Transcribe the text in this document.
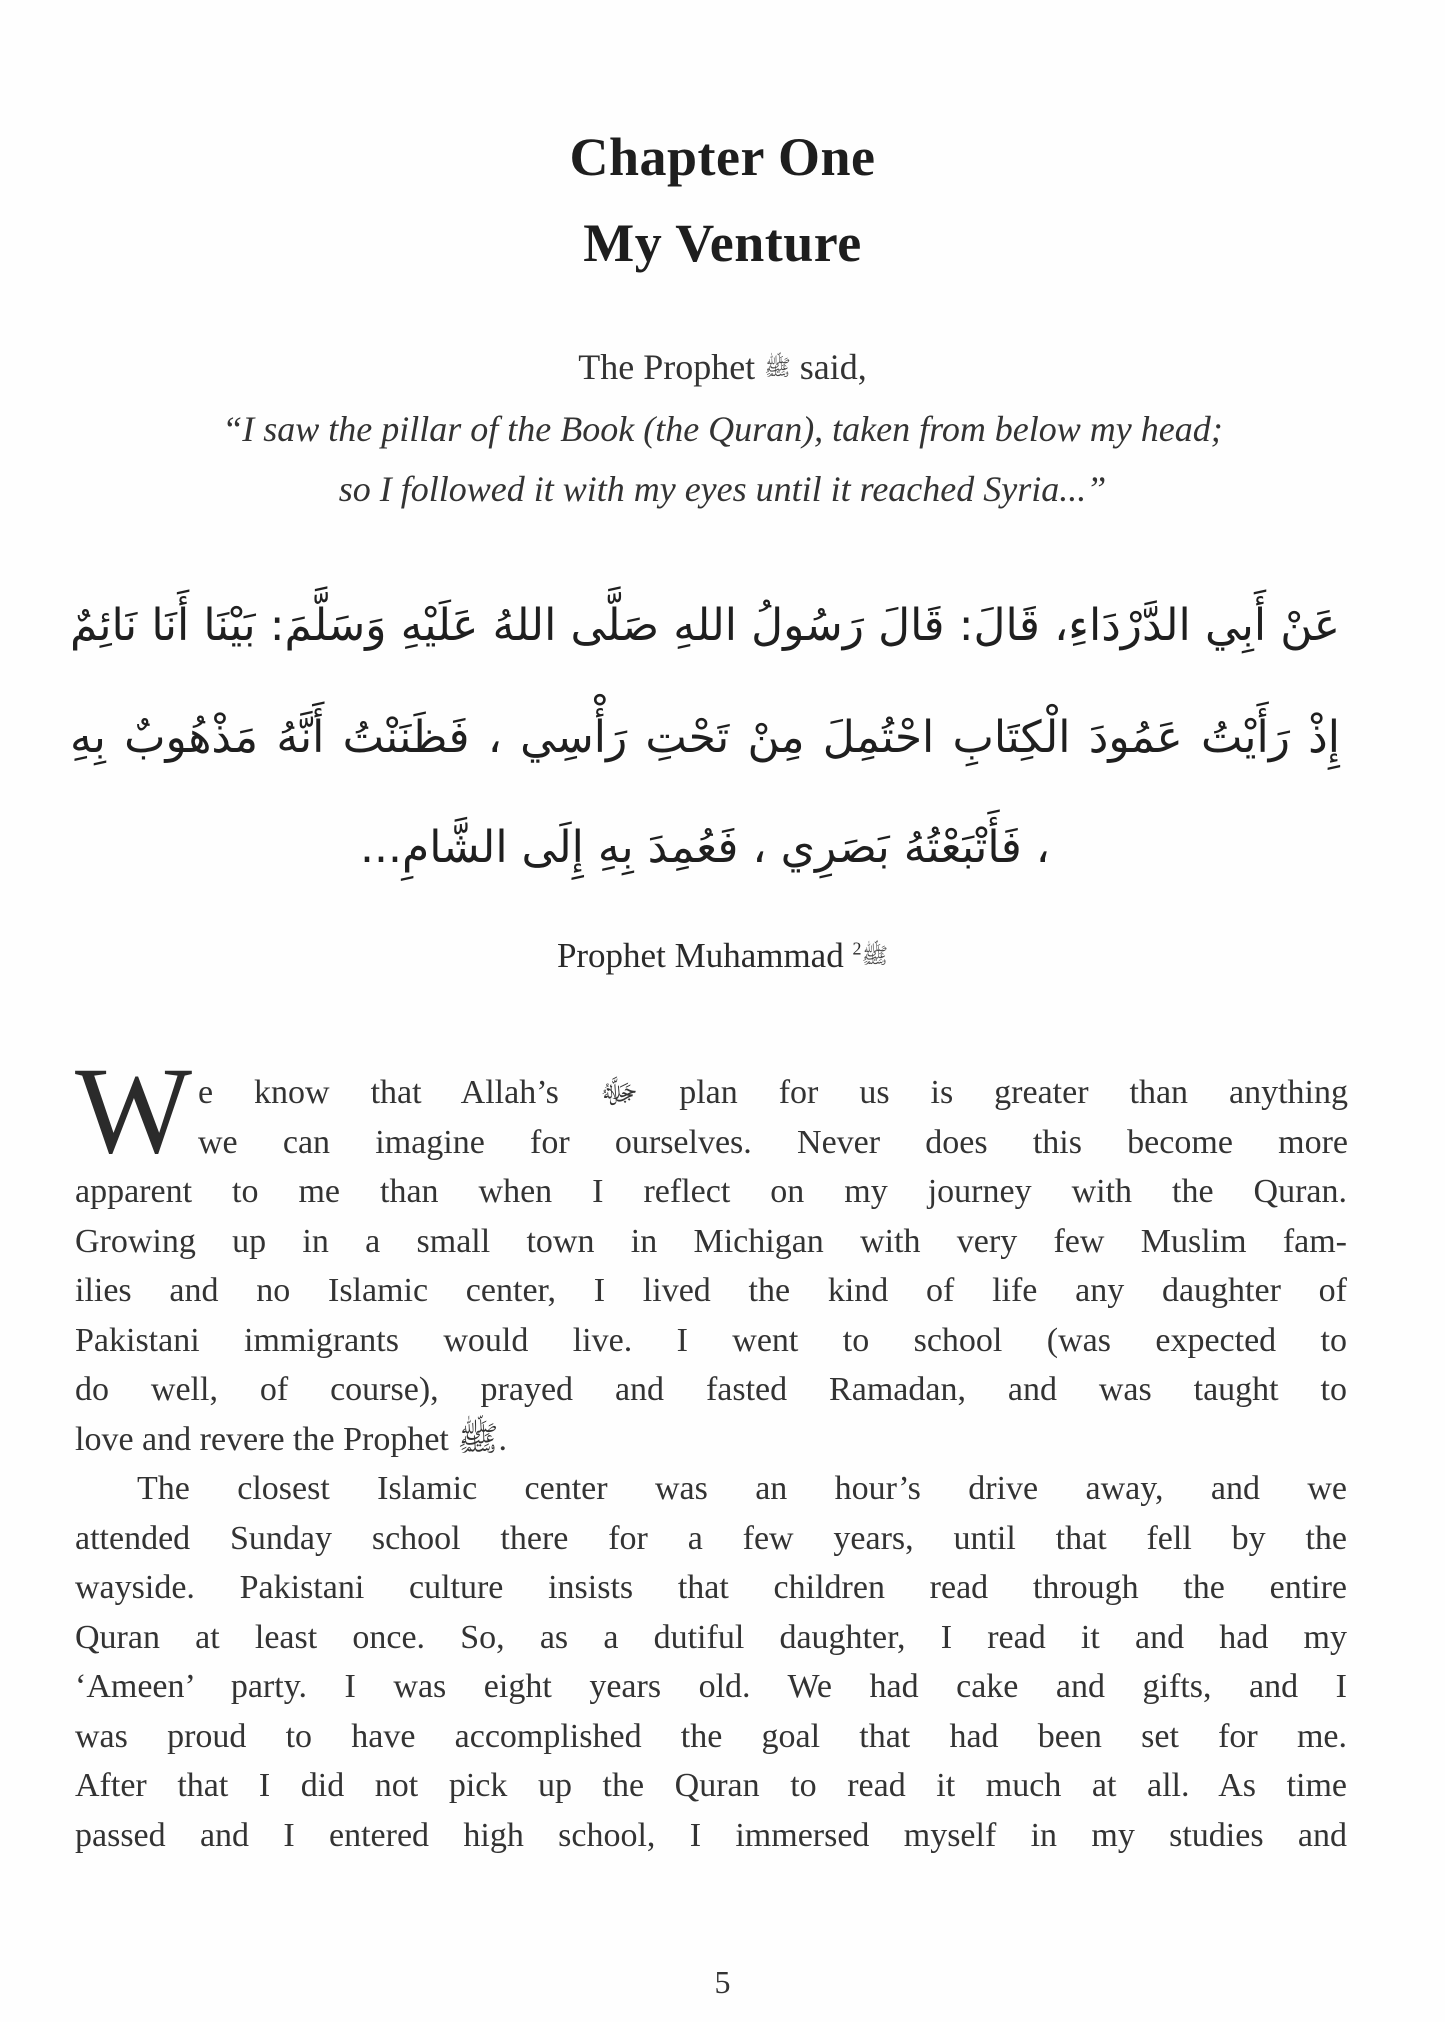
Chapter One
My Venture
The Prophet ﷺ said,
“I saw the pillar of the Book (the Quran), taken from below my head;
so I followed it with my eyes until it reached Syria...”
عَنْ أَبِي الدَّرْدَاءِ، قَالَ: قَالَ رَسُولُ اللهِ صَلَّى اللهُ عَلَيْهِ وَسَلَّمَ: بَيْنَا أَنَا نَائِمٌ
إِذْ رَأَيْتُ عَمُودَ الْكِتَابِ احْتُمِلَ مِنْ تَحْتِ رَأْسِي ، فَظَنَنْتُ أَنَّهُ مَذْهُوبٌ بِهِ
، فَأَتْبَعْتُهُ بَصَرِي ، فَعُمِدَ بِهِ إِلَى الشَّامِ...
Prophet Muhammad ﷺ$^2$
W e know that Allah’s ﷻ plan for us is greater than anything
we can imagine for ourselves. Never does this become more
apparent to me than when I reflect on my journey with the Quran.
Growing up in a small town in Michigan with very few Muslim fam-
ilies and no Islamic center, I lived the kind of life any daughter of
Pakistani immigrants would live. I went to school (was expected to
do well, of course), prayed and fasted Ramadan, and was taught to
love and revere the Prophet ﷺ.
The closest Islamic center was an hour’s drive away, and we
attended Sunday school there for a few years, until that fell by the
wayside. Pakistani culture insists that children read through the entire
Quran at least once. So, as a dutiful daughter, I read it and had my
‘Ameen’ party. I was eight years old. We had cake and gifts, and I
was proud to have accomplished the goal that had been set for me.
After that I did not pick up the Quran to read it much at all. As time
passed and I entered high school, I immersed myself in my studies and
5
